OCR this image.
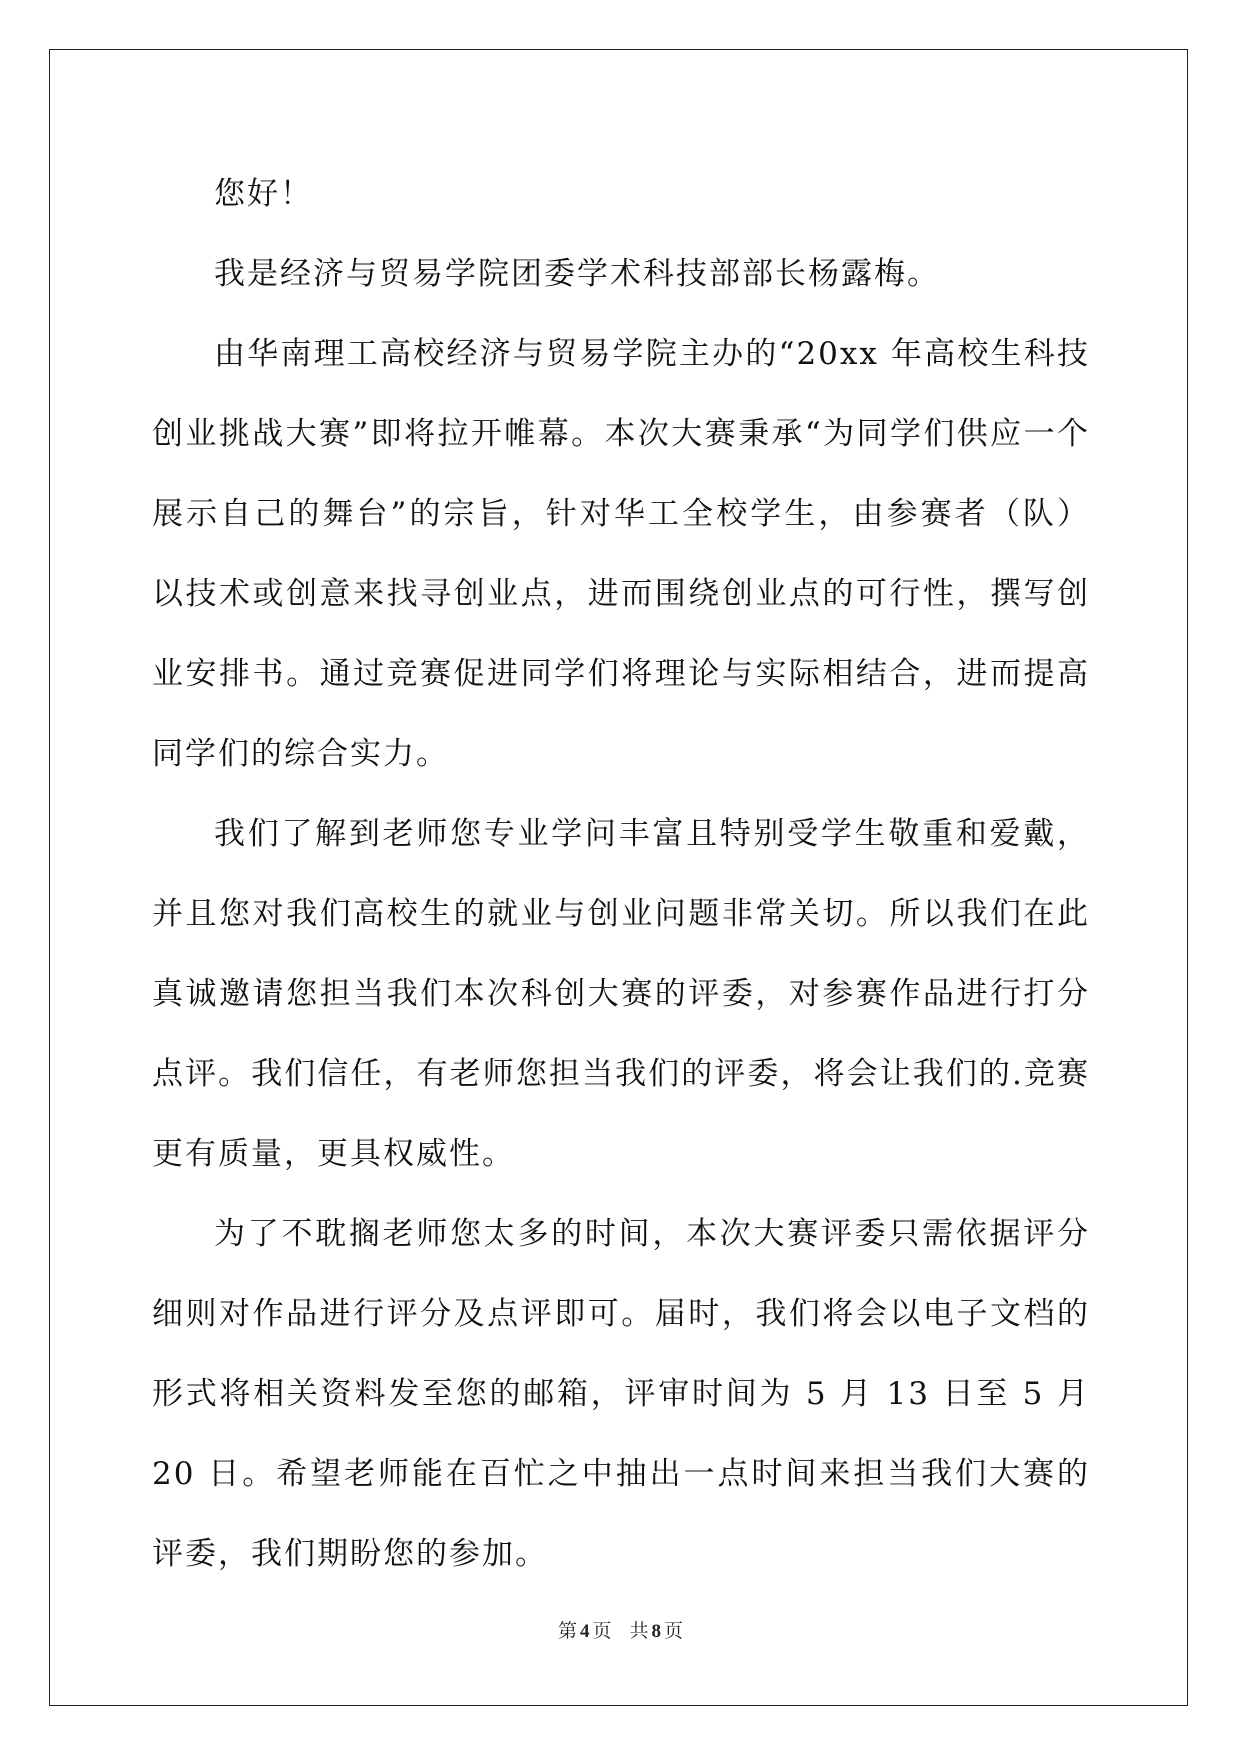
您好！

我是经济与贸易学院团委学术科技部部长杨露梅。

由华南理工高校经济与贸易学院主办的“20xx 年高校生科技创业挑战大赛”即将拉开帷幕。本次大赛秉承“为同学们供应一个展示自己的舞台”的宗旨，针对华工全校学生，由参赛者（队）以技术或创意来找寻创业点，进而围绕创业点的可行性，撰写创业安排书。通过竞赛促进同学们将理论与实际相结合，进而提高同学们的综合实力。

我们了解到老师您专业学问丰富且特别受学生敬重和爱戴，并且您对我们高校生的就业与创业问题非常关切。所以我们在此真诚邀请您担当我们本次科创大赛的评委，对参赛作品进行打分点评。我们信任，有老师您担当我们的评委，将会让我们的.竞赛更有质量，更具权威性。

为了不耽搁老师您太多的时间，本次大赛评委只需依据评分细则对作品进行评分及点评即可。届时，我们将会以电子文档的形式将相关资料发至您的邮箱，评审时间为 5 月 13 日至 5 月 20 日。希望老师能在百忙之中抽出一点时间来担当我们大赛的评委，我们期盼您的参加。

第 4 页 共 8 页
